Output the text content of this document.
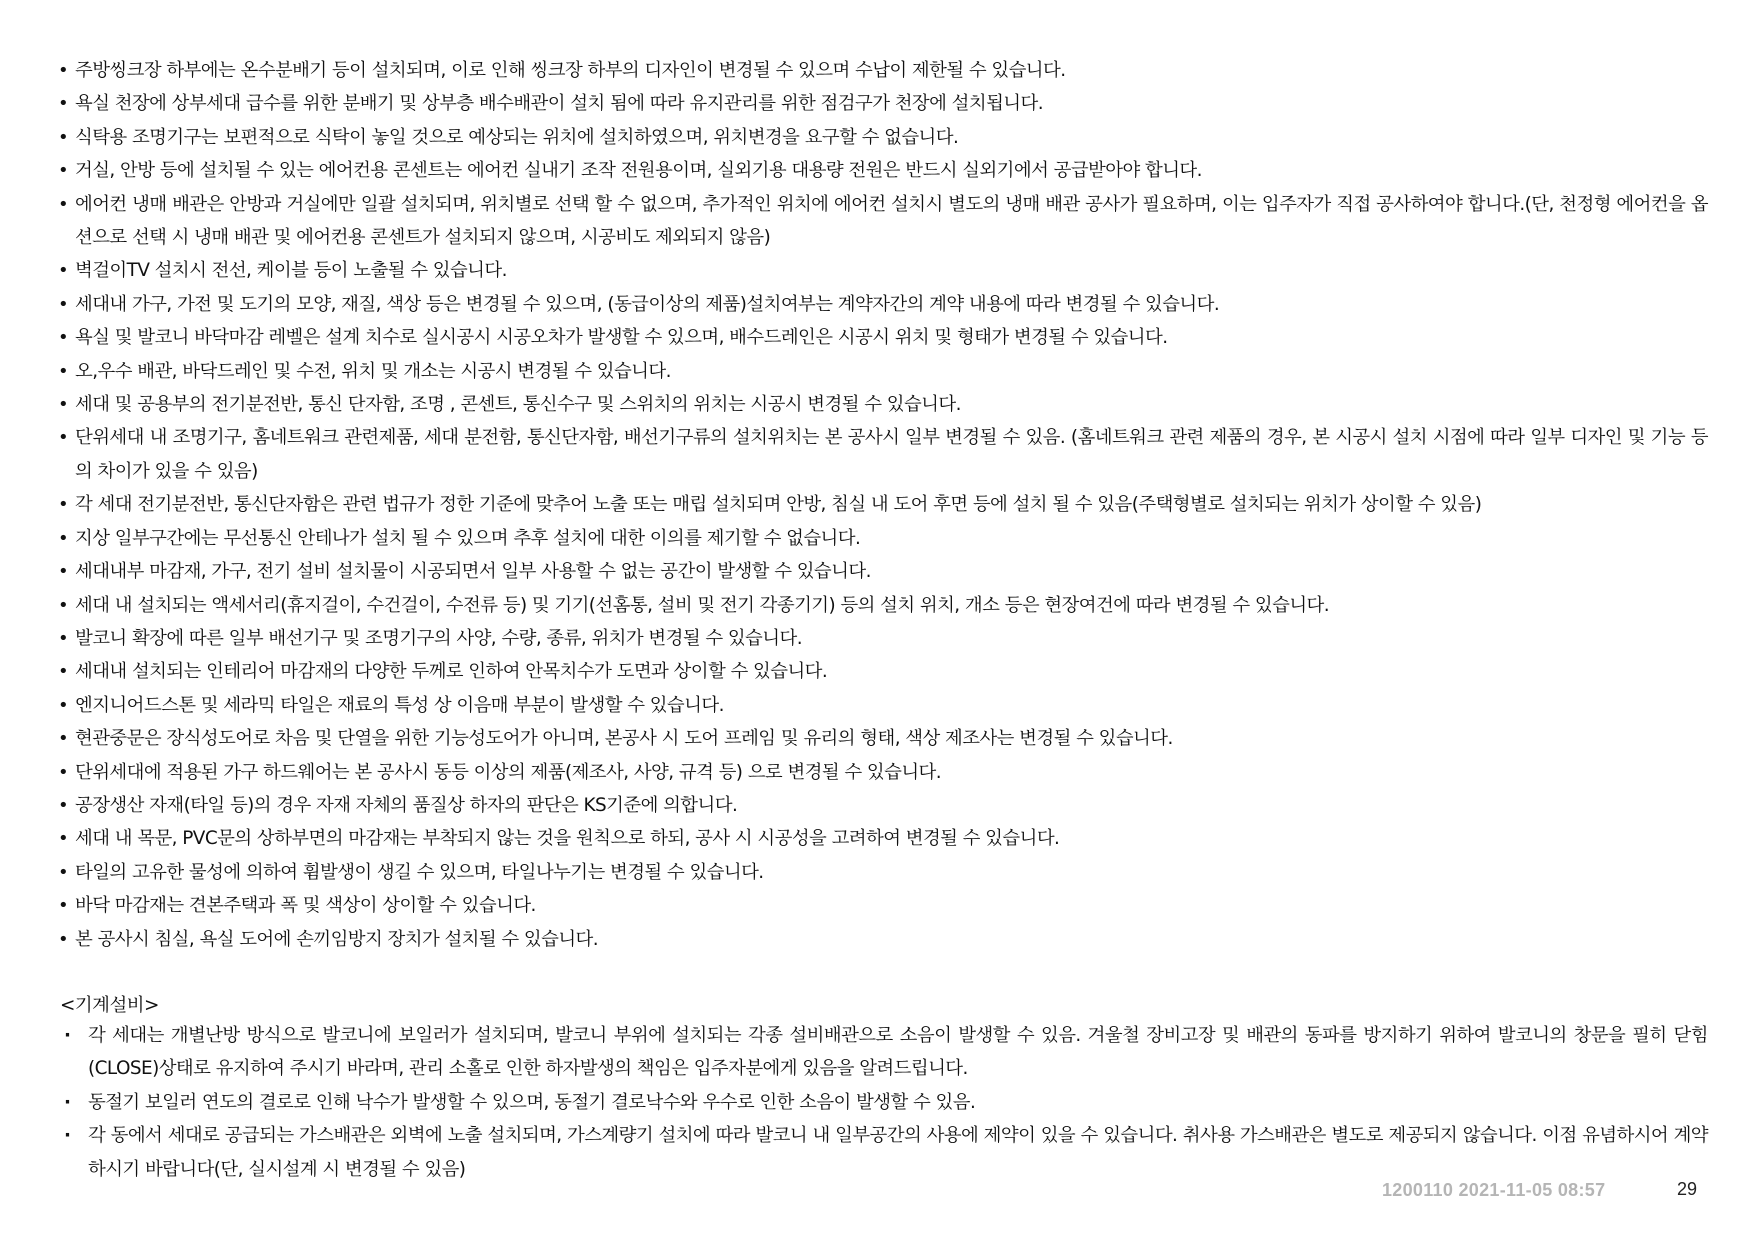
• 주방씽크장 하부에는 온수분배기 등이 설치되며, 이로 인해 씽크장 하부의 디자인이 변경될 수 있으며 수납이 제한될 수 있습니다.
• 욕실 천장에 상부세대 급수를 위한 분배기 및 상부층 배수배관이 설치 됨에 따라 유지관리를 위한 점검구가 천장에 설치됩니다.
• 식탁용 조명기구는 보편적으로 식탁이 놓일 것으로 예상되는 위치에 설치하였으며, 위치변경을 요구할 수 없습니다.
• 거실, 안방 등에 설치될 수 있는 에어컨용 콘센트는 에어컨 실내기 조작 전원용이며, 실외기용 대용량 전원은 반드시 실외기에서 공급받아야 합니다.
• 에어컨 냉매 배관은 안방과 거실에만 일괄 설치되며, 위치별로 선택 할 수 없으며, 추가적인 위치에 에어컨 설치시 별도의 냉매 배관 공사가 필요하며, 이는 입주자가 직접 공사하여야 합니다.(단, 천정형 에어컨을 옵션으로 선택 시 냉매 배관 및 에어컨용 콘센트가 설치되지 않으며, 시공비도 제외되지 않음)
• 벽걸이TV 설치시 전선, 케이블 등이 노출될 수 있습니다.
• 세대내 가구, 가전 및 도기의 모양, 재질, 색상 등은 변경될 수 있으며, (동급이상의 제품)설치여부는 계약자간의 계약 내용에 따라 변경될 수 있습니다.
• 욕실 및 발코니 바닥마감 레벨은 설계 치수로 실시공시 시공오차가 발생할 수 있으며, 배수드레인은 시공시 위치 및 형태가 변경될 수 있습니다.
• 오,우수 배관, 바닥드레인 및 수전, 위치 및 개소는 시공시 변경될 수 있습니다.
• 세대 및 공용부의 전기분전반, 통신 단자함, 조명 , 콘센트, 통신수구 및 스위치의 위치는 시공시 변경될 수 있습니다.
• 단위세대 내 조명기구, 홈네트워크 관련제품, 세대 분전함, 통신단자함, 배선기구류의 설치위치는 본 공사시 일부 변경될 수 있음. (홈네트워크 관련 제품의 경우, 본 시공시 설치 시점에 따라 일부 디자인 및 기능 등의 차이가 있을 수 있음)
• 각 세대 전기분전반, 통신단자함은 관련 법규가 정한 기준에 맞추어 노출 또는 매립 설치되며 안방, 침실 내 도어 후면 등에 설치 될 수 있음(주택형별로 설치되는 위치가 상이할 수 있음)
• 지상 일부구간에는 무선통신 안테나가 설치 될 수 있으며 추후 설치에 대한 이의를 제기할 수 없습니다.
• 세대내부 마감재, 가구, 전기 설비 설치물이 시공되면서 일부 사용할 수 없는 공간이 발생할 수 있습니다.
• 세대 내 설치되는 액세서리(휴지걸이, 수건걸이, 수전류 등) 및 기기(선홈통, 설비 및 전기 각종기기) 등의 설치 위치, 개소 등은 현장여건에 따라 변경될 수 있습니다.
• 발코니 확장에 따른 일부 배선기구 및 조명기구의 사양, 수량, 종류, 위치가 변경될 수 있습니다.
• 세대내 설치되는 인테리어 마감재의 다양한 두께로 인하여 안목치수가 도면과 상이할 수 있습니다.
• 엔지니어드스톤 및 세라믹 타일은 재료의 특성 상 이음매 부분이 발생할 수 있습니다.
• 현관중문은 장식성도어로 차음 및 단열을 위한 기능성도어가 아니며, 본공사 시 도어 프레임 및 유리의 형태, 색상 제조사는 변경될 수 있습니다.
• 단위세대에 적용된 가구 하드웨어는 본 공사시 동등 이상의 제품(제조사, 사양, 규격 등) 으로 변경될 수 있습니다.
• 공장생산 자재(타일 등)의 경우 자재 자체의 품질상 하자의 판단은 KS기준에 의합니다.
• 세대 내 목문, PVC문의 상하부면의 마감재는 부착되지 않는 것을 원칙으로 하되, 공사 시 시공성을 고려하여 변경될 수 있습니다.
• 타일의 고유한 물성에 의하여 휨발생이 생길 수 있으며, 타일나누기는 변경될 수 있습니다.
• 바닥 마감재는 견본주택과 폭 및 색상이 상이할 수 있습니다.
• 본 공사시 침실, 욕실 도어에 손끼임방지 장치가 설치될 수 있습니다.

<기계설비>

· 각 세대는 개별난방 방식으로 발코니에 보일러가 설치되며, 발코니 부위에 설치되는 각종 설비배관으로 소음이 발생할 수 있음. 겨울철 장비고장 및 배관의 동파를 방지하기 위하여 발코니의 창문을 필히 닫힘(CLOSE)상태로 유지하여 주시기 바라며, 관리 소홀로 인한 하자발생의 책임은 입주자분에게 있음을 알려드립니다.
· 동절기 보일러 연도의 결로로 인해 낙수가 발생할 수 있으며, 동절기 결로낙수와 우수로 인한 소음이 발생할 수 있음.
· 각 동에서 세대로 공급되는 가스배관은 외벽에 노출 설치되며, 가스계량기 설치에 따라 발코니 내 일부공간의 사용에 제약이 있을 수 있습니다. 취사용 가스배관은 별도로 제공되지 않습니다. 이점 유념하시어 계약하시기 바랍니다(단, 실시설계 시 변경될 수 있음)
1200110 2021-11-05 08:57	29
